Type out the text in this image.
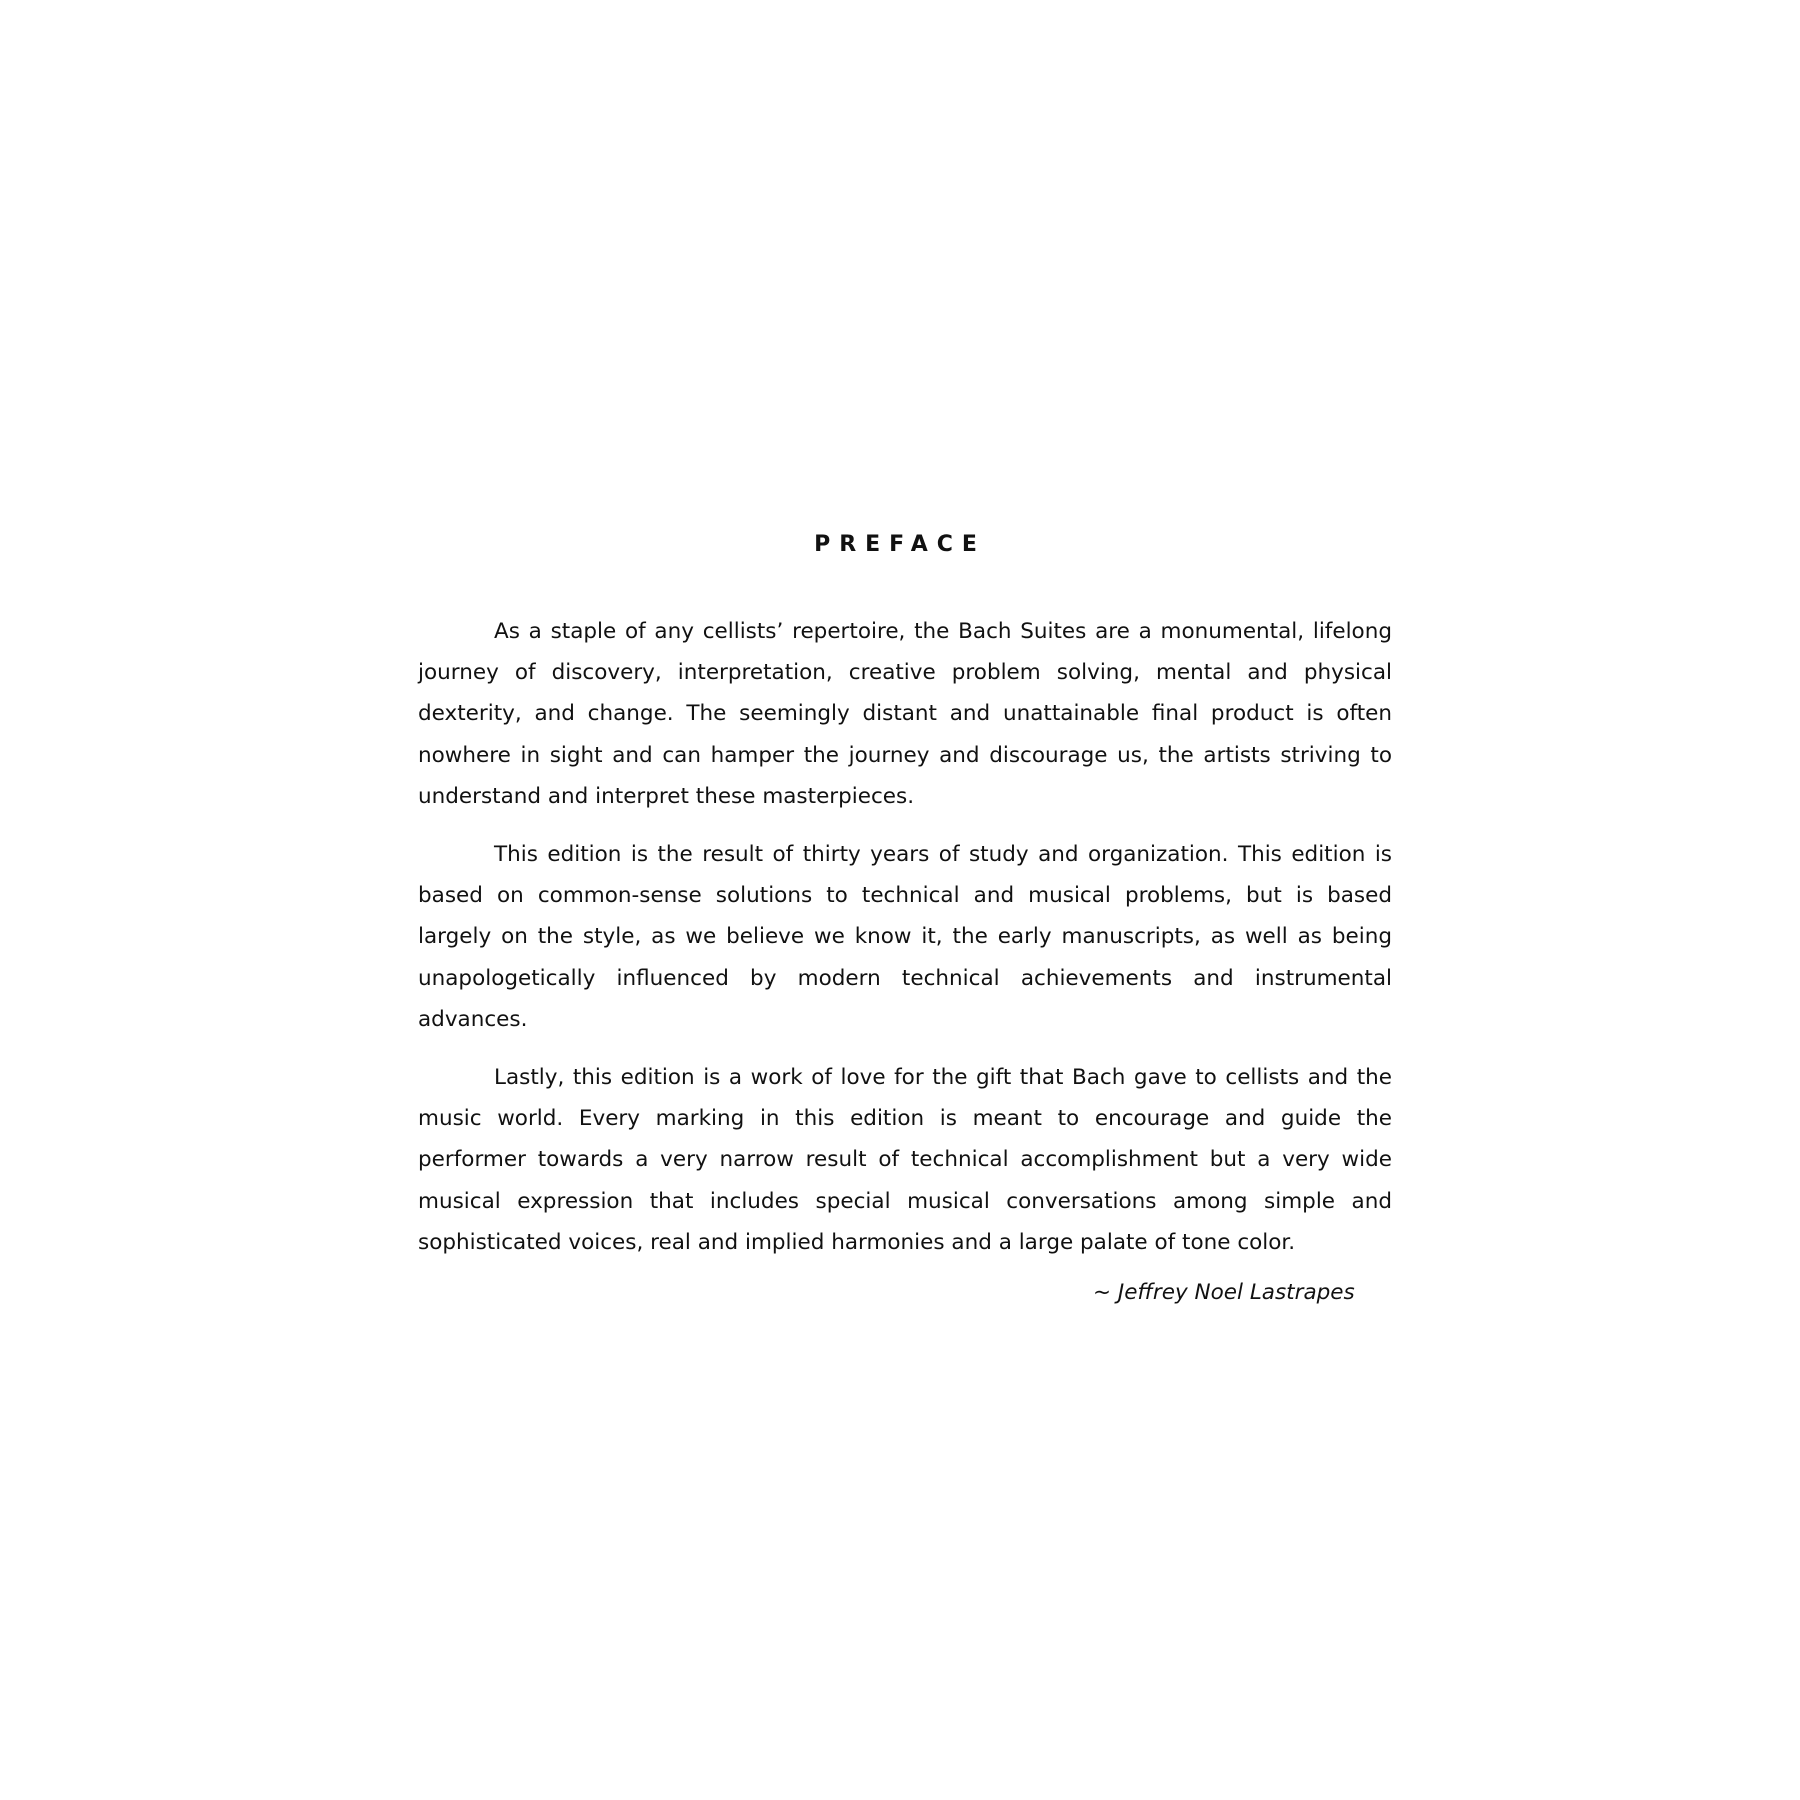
PREFACE

As a staple of any cellists’ repertoire, the Bach Suites are a monumental, lifelong journey of discovery, interpretation, creative problem solving, mental and physical dexterity, and change. The seemingly distant and unattainable final product is often nowhere in sight and can hamper the journey and discourage us, the artists striving to understand and interpret these masterpieces.

This edition is the result of thirty years of study and organization. This edition is based on common-sense solutions to technical and musical problems, but is based largely on the style, as we believe we know it, the early manuscripts, as well as being unapologetically influenced by modern technical achievements and instrumental advances.

Lastly, this edition is a work of love for the gift that Bach gave to cellists and the music world. Every marking in this edition is meant to encourage and guide the performer towards a very narrow result of technical accomplishment but a very wide musical expression that includes special musical conversations among simple and sophisticated voices, real and implied harmonies and a large palate of tone color.

~ Jeffrey Noel Lastrapes
